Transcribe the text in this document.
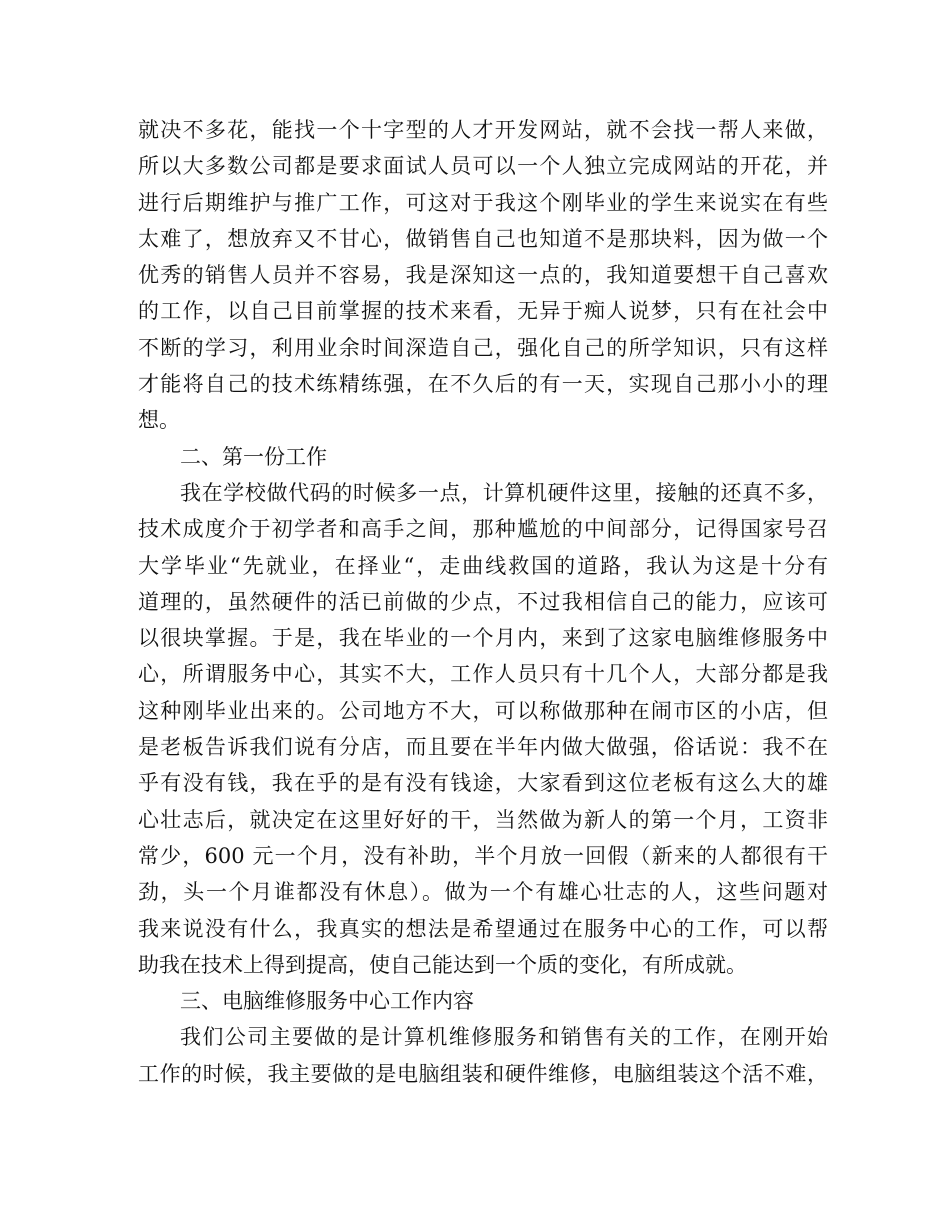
就决不多花，能找一个十字型的人才开发网站，就不会找一帮人来做，
所以大多数公司都是要求面试人员可以一个人独立完成网站的开花，并
进行后期维护与推广工作，可这对于我这个刚毕业的学生来说实在有些
太难了，想放弃又不甘心，做销售自己也知道不是那块料，因为做一个
优秀的销售人员并不容易，我是深知这一点的，我知道要想干自己喜欢
的工作，以自己目前掌握的技术来看，无异于痴人说梦，只有在社会中
不断的学习，利用业余时间深造自己，强化自己的所学知识，只有这样
才能将自己的技术练精练强，在不久后的有一天，实现自己那小小的理
想。
二、第一份工作
我在学校做代码的时候多一点，计算机硬件这里，接触的还真不多，
技术成度介于初学者和高手之间，那种尴尬的中间部分，记得国家号召
大学毕业“先就业，在择业“，走曲线救国的道路，我认为这是十分有
道理的，虽然硬件的活已前做的少点，不过我相信自己的能力，应该可
以很块掌握。于是，我在毕业的一个月内，来到了这家电脑维修服务中
心，所谓服务中心，其实不大，工作人员只有十几个人，大部分都是我
这种刚毕业出来的。公司地方不大，可以称做那种在闹市区的小店，但
是老板告诉我们说有分店，而且要在半年内做大做强，俗话说：我不在
乎有没有钱，我在乎的是有没有钱途，大家看到这位老板有这么大的雄
心壮志后，就决定在这里好好的干，当然做为新人的第一个月，工资非
常少，600 元一个月，没有补助，半个月放一回假（新来的人都很有干
劲，头一个月谁都没有休息）。做为一个有雄心壮志的人，这些问题对
我来说没有什么，我真实的想法是希望通过在服务中心的工作，可以帮
助我在技术上得到提高，使自己能达到一个质的变化，有所成就。
三、电脑维修服务中心工作内容
我们公司主要做的是计算机维修服务和销售有关的工作，在刚开始
工作的时候，我主要做的是电脑组装和硬件维修，电脑组装这个活不难，
